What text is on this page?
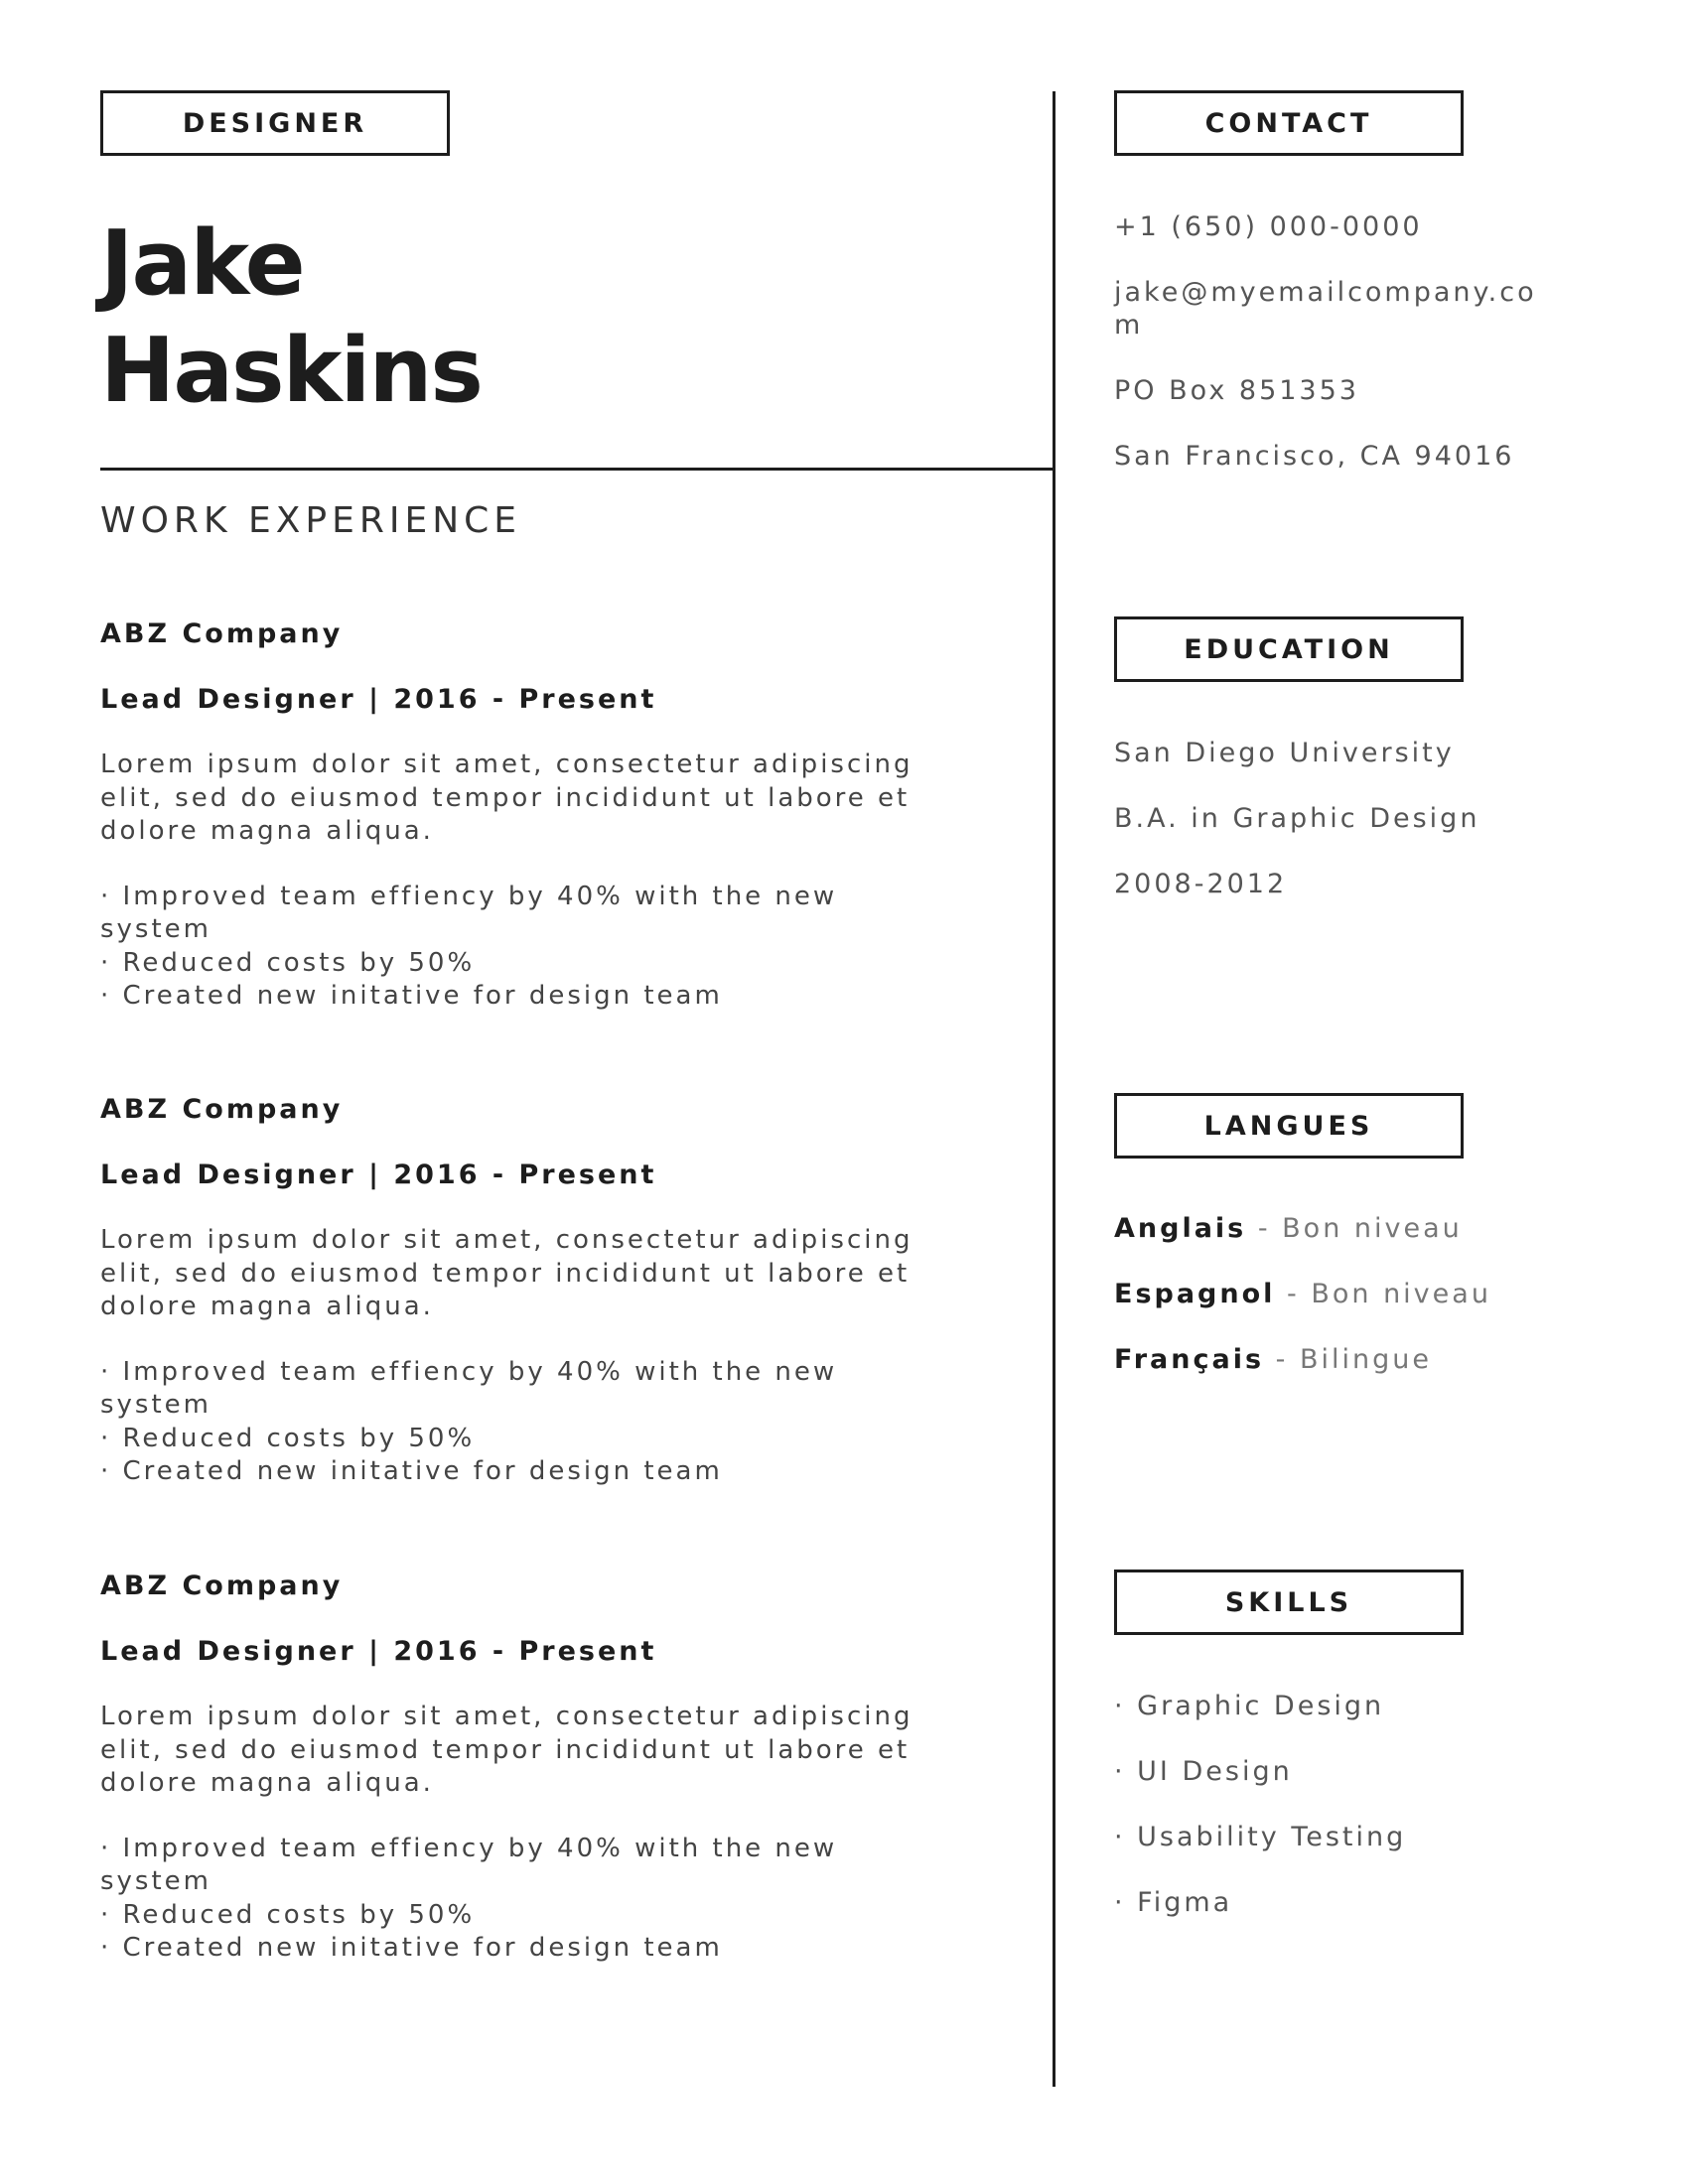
DESIGNER
Jake
Haskins
WORK EXPERIENCE
ABZ Company
Lead Designer | 2016 - Present
Lorem ipsum dolor sit amet, consectetur adipiscing
elit, sed do eiusmod tempor incididunt ut labore et
dolore magna aliqua.
· Improved team effiency by 40% with the new
system
· Reduced costs by 50%
· Created new initative for design team
ABZ Company
Lead Designer | 2016 - Present
Lorem ipsum dolor sit amet, consectetur adipiscing
elit, sed do eiusmod tempor incididunt ut labore et
dolore magna aliqua.
· Improved team effiency by 40% with the new
system
· Reduced costs by 50%
· Created new initative for design team
ABZ Company
Lead Designer | 2016 - Present
Lorem ipsum dolor sit amet, consectetur adipiscing
elit, sed do eiusmod tempor incididunt ut labore et
dolore magna aliqua.
· Improved team effiency by 40% with the new
system
· Reduced costs by 50%
· Created new initative for design team
CONTACT
+1 (650) 000-0000
jake@myemailcompany.co
m
PO Box 851353
San Francisco, CA 94016
EDUCATION
San Diego University
B.A. in Graphic Design
2008-2012
LANGUES
Anglais - Bon niveau
Espagnol - Bon niveau
Français - Bilingue
SKILLS
· Graphic Design
· UI Design
· Usability Testing
· Figma
